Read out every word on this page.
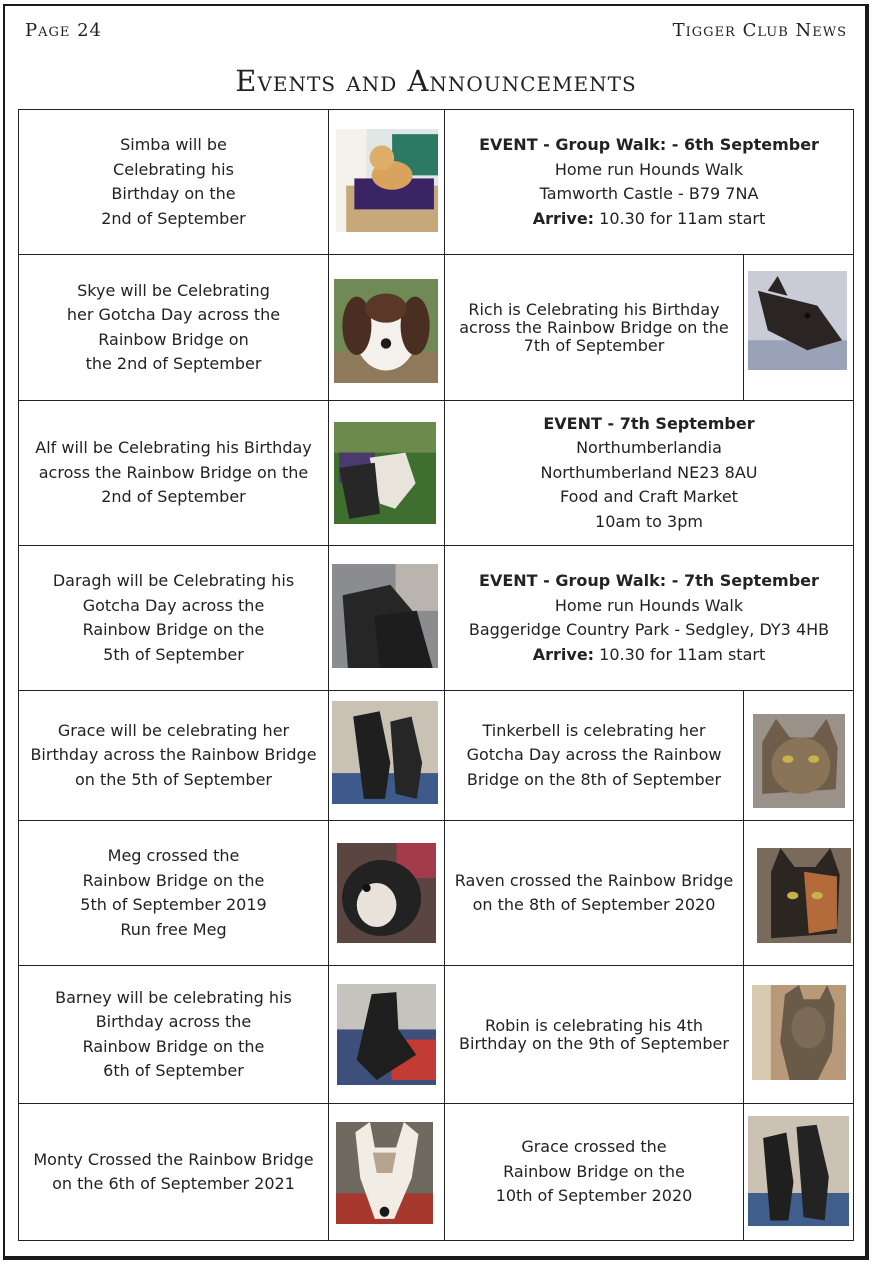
Page 24	Tigger Club News
Events and Announcements
Simba will be
Celebrating his
Birthday on the
2nd of September
EVENT - Group Walk: - 6th September
Home run Hounds Walk
Tamworth Castle - B79 7NA
Arrive: 10.30 for 11am start
Skye will be Celebrating
her Gotcha Day across the
Rainbow Bridge on
the 2nd of September
Rich is Celebrating his Birthday
across the Rainbow Bridge on the
7th of September
Alf will be Celebrating his Birthday
across the Rainbow Bridge on the
2nd of September
EVENT - 7th September
Northumberlandia
Northumberland NE23 8AU
Food and Craft Market
10am to 3pm
Daragh will be Celebrating his
Gotcha Day across the
Rainbow Bridge on the
5th of September
EVENT - Group Walk: - 7th September
Home run Hounds Walk
Baggeridge Country Park - Sedgley, DY3 4HB
Arrive: 10.30 for 11am start
Grace will be celebrating her
Birthday across the Rainbow Bridge
on the 5th of September
Tinkerbell is celebrating her
Gotcha Day across the Rainbow
Bridge on the 8th of September
Meg crossed the
Rainbow Bridge on the
5th of September 2019
Run free Meg
Raven crossed the Rainbow Bridge
on the 8th of September 2020
Barney will be celebrating his
Birthday across the
Rainbow Bridge on the
6th of September
Robin is celebrating his 4th
Birthday on the 9th of September
Monty Crossed the Rainbow Bridge
on the 6th of September 2021
Grace crossed the
Rainbow Bridge on the
10th of September 2020
